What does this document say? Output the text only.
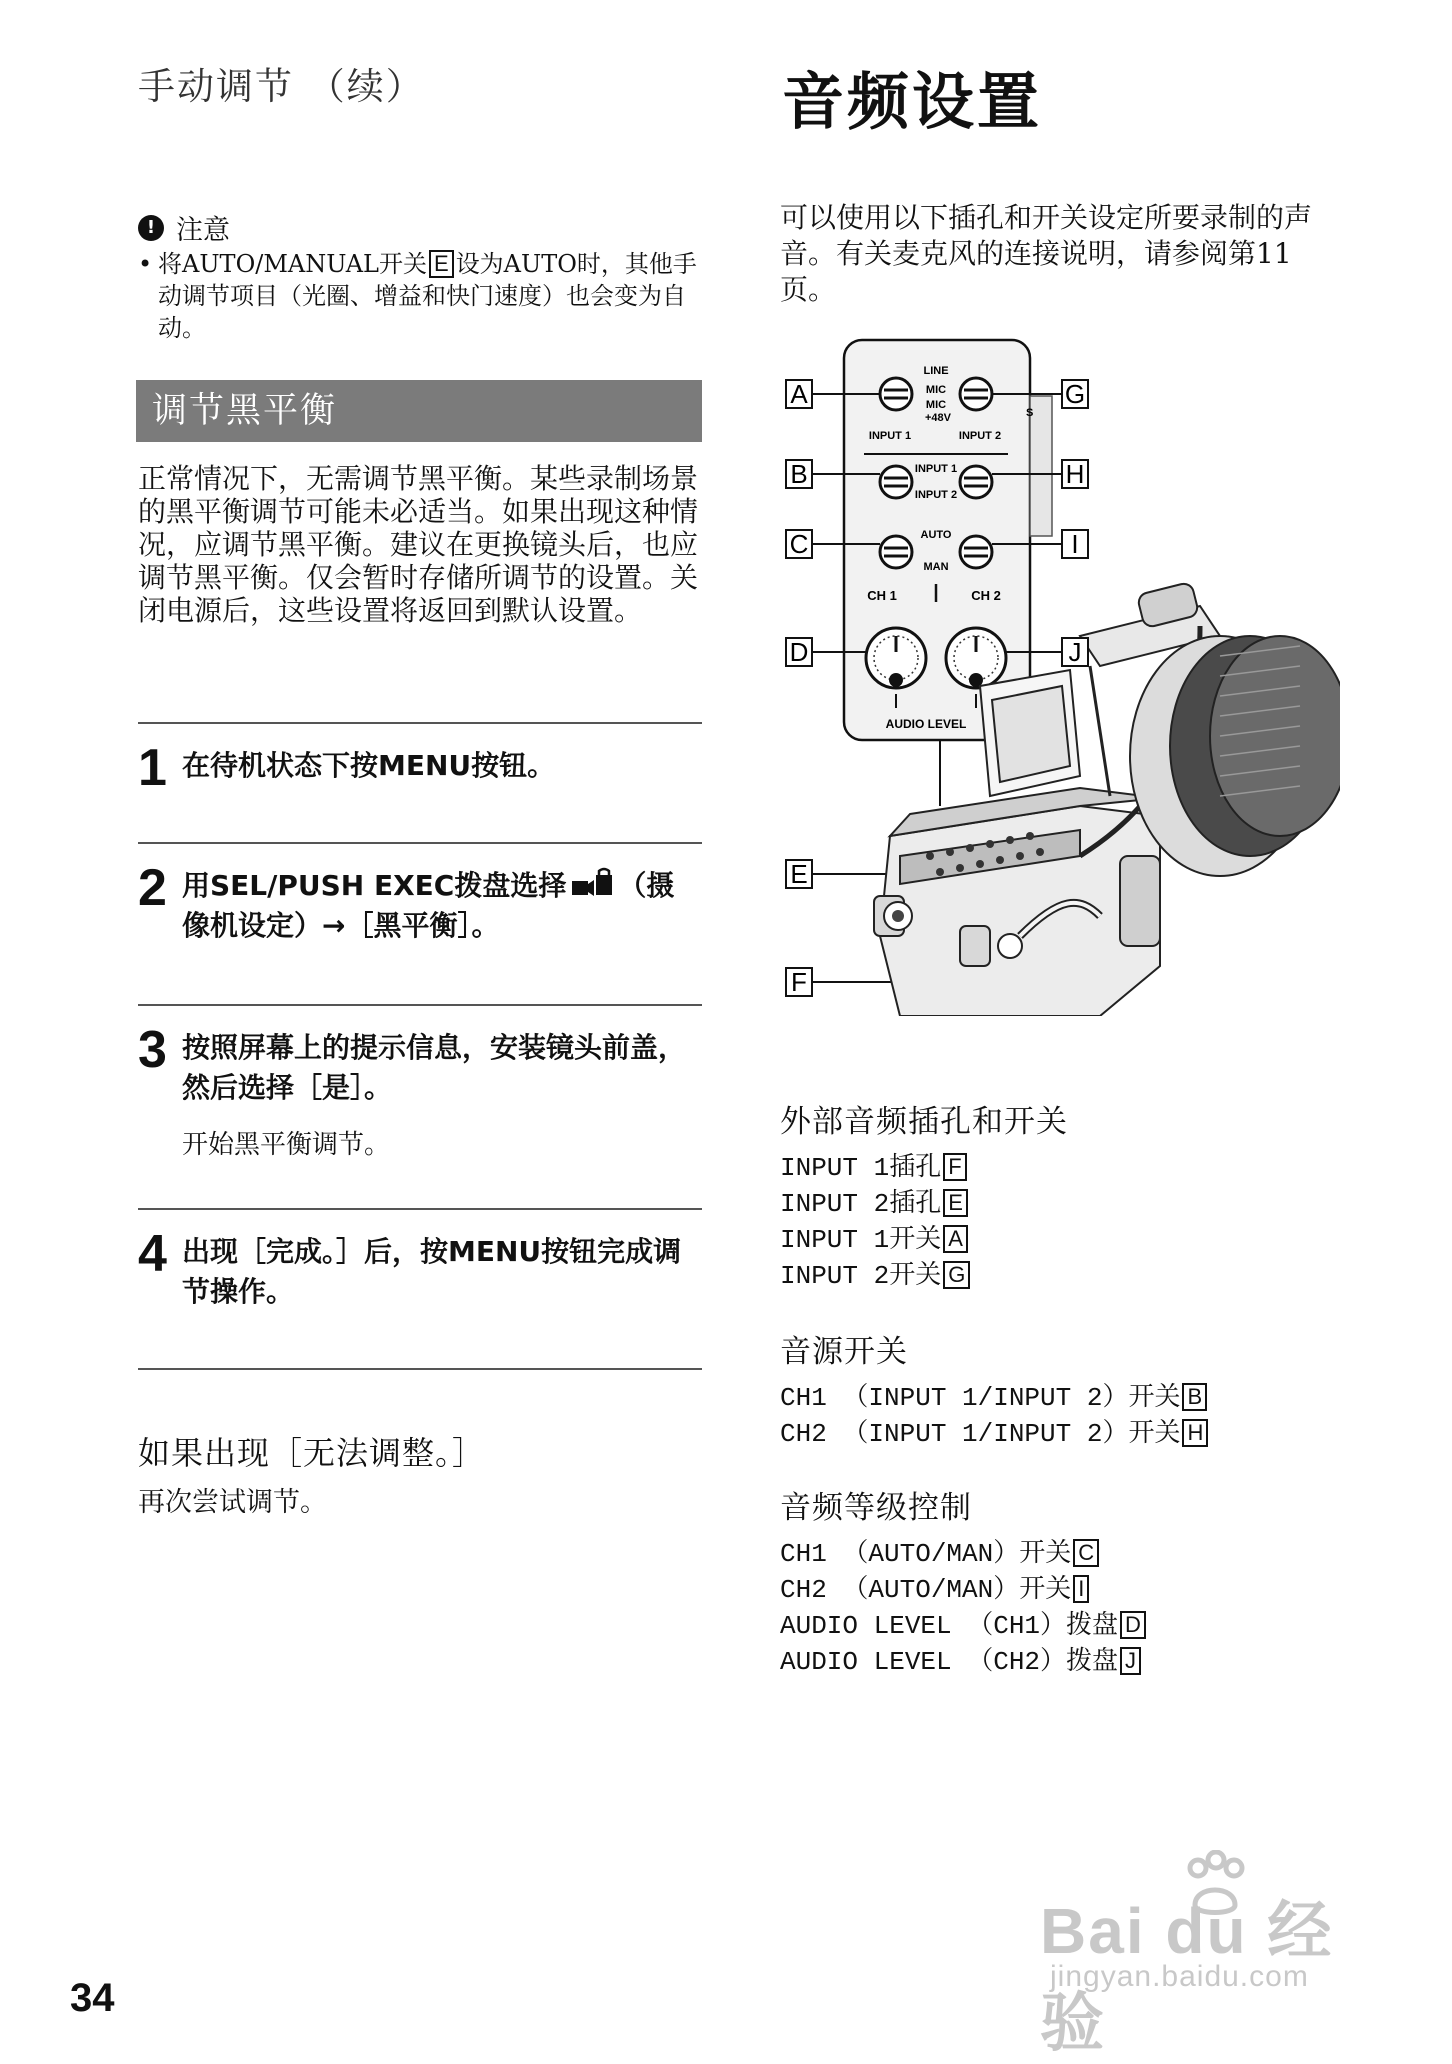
手动调节 （续）	音频设置
! 注意
• 将AUTO/MANUAL开关 E 设为AUTO时，其他手动调节项目（光圈、增益和快门速度）也会变为自动。
调节黑平衡
正常情况下，无需调节黑平衡。某些录制场景的黑平衡调节可能未必适当。如果出现这种情况，应调节黑平衡。建议在更换镜头后，也应调节黑平衡。仅会暂时存储所调节的设置。关闭电源后，这些设置将返回到默认设置。
1 在待机状态下按MENU按钮。
2 用SEL/PUSH EXEC拨盘选择 （摄像机设定）→［黑平衡］。
3 按照屏幕上的提示信息，安装镜头前盖，然后选择［是］。
开始黑平衡调节。
4 出现［完成。］后，按MENU按钮完成调节操作。
如果出现［无法调整。］
再次尝试调节。
可以使用以下插孔和开关设定所要录制的声音。有关麦克风的连接说明，请参阅第11页。
LINE
MIC
MIC
+48V
INPUT 1	INPUT 2
S
INPUT 1
INPUT 2
AUTO
MAN
CH 1	CH 2
AUDIO LEVEL
A
B
C
D
E
F
G
H
I
J
外部音频插孔和开关
INPUT 1插孔 F
INPUT 2插孔 E
INPUT 1开关 A
INPUT 2开关 G
音源开关
CH1 （INPUT 1/INPUT 2）开关 B
CH2 （INPUT 1/INPUT 2）开关 H
音频等级控制
CH1 （AUTO/MAN）开关 C
CH2 （AUTO/MAN）开关 I
AUDIO LEVEL （CH1）拨盘 D
AUDIO LEVEL （CH2）拨盘 J
34
Bai du 经验
jingyan.baidu.com
